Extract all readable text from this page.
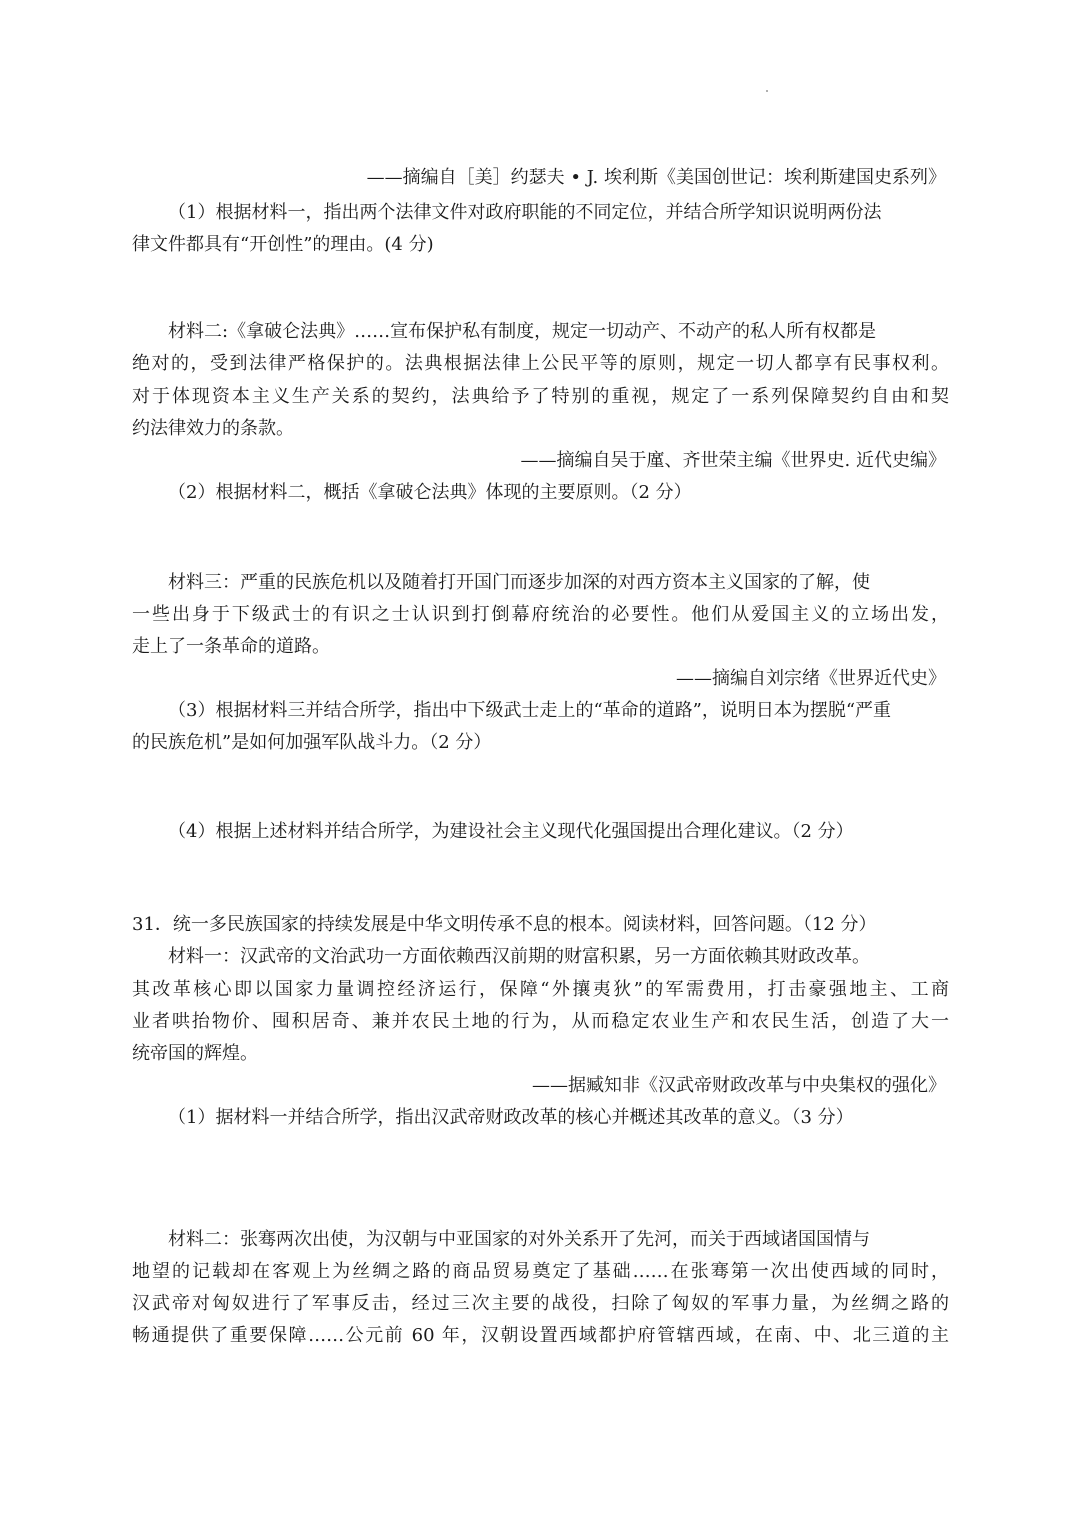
——摘编自［美］约瑟夫 • J. 埃利斯《美国创世记：埃利斯建国史系列》
（1）根据材料一，指出两个法律文件对政府职能的不同定位，并结合所学知识说明两份法
律文件都具有“开创性”的理由。(4 分)
材料二:《拿破仑法典》……宣布保护私有制度，规定一切动产、不动产的私人所有权都是
绝对的，受到法律严格保护的。法典根据法律上公民平等的原则，规定一切人都享有民事权利。
对于体现资本主义生产关系的契约，法典给予了特别的重视，规定了一系列保障契约自由和契
约法律效力的条款。
——摘编自吴于廑、齐世荣主编《世界史. 近代史编》
（2）根据材料二，概括《拿破仑法典》体现的主要原则。（2 分）
材料三：严重的民族危机以及随着打开国门而逐步加深的对西方资本主义国家的了解，使
一些出身于下级武士的有识之士认识到打倒幕府统治的必要性。他们从爱国主义的立场出发，
走上了一条革命的道路。
——摘编自刘宗绪《世界近代史》
（3）根据材料三并结合所学，指出中下级武士走上的“革命的道路”，说明日本为摆脱“严重
的民族危机”是如何加强军队战斗力。（2 分）
（4）根据上述材料并结合所学，为建设社会主义现代化强国提出合理化建议。（2 分）
31．统一多民族国家的持续发展是中华文明传承不息的根本。阅读材料，回答问题。（12 分）
材料一：汉武帝的文治武功一方面依赖西汉前期的财富积累，另一方面依赖其财政改革。
其改革核心即以国家力量调控经济运行，保障“外攘夷狄”的军需费用，打击豪强地主、工商
业者哄抬物价、囤积居奇、兼并农民土地的行为，从而稳定农业生产和农民生活，创造了大一
统帝国的辉煌。
——据臧知非《汉武帝财政改革与中央集权的强化》
（1）据材料一并结合所学，指出汉武帝财政改革的核心并概述其改革的意义。（3 分）
材料二：张骞两次出使，为汉朝与中亚国家的对外关系开了先河，而关于西域诸国国情与
地望的记载却在客观上为丝绸之路的商品贸易奠定了基础……在张骞第一次出使西域的同时，
汉武帝对匈奴进行了军事反击，经过三次主要的战役，扫除了匈奴的军事力量，为丝绸之路的
畅通提供了重要保障……公元前 60 年，汉朝设置西域都护府管辖西域，在南、中、北三道的主
